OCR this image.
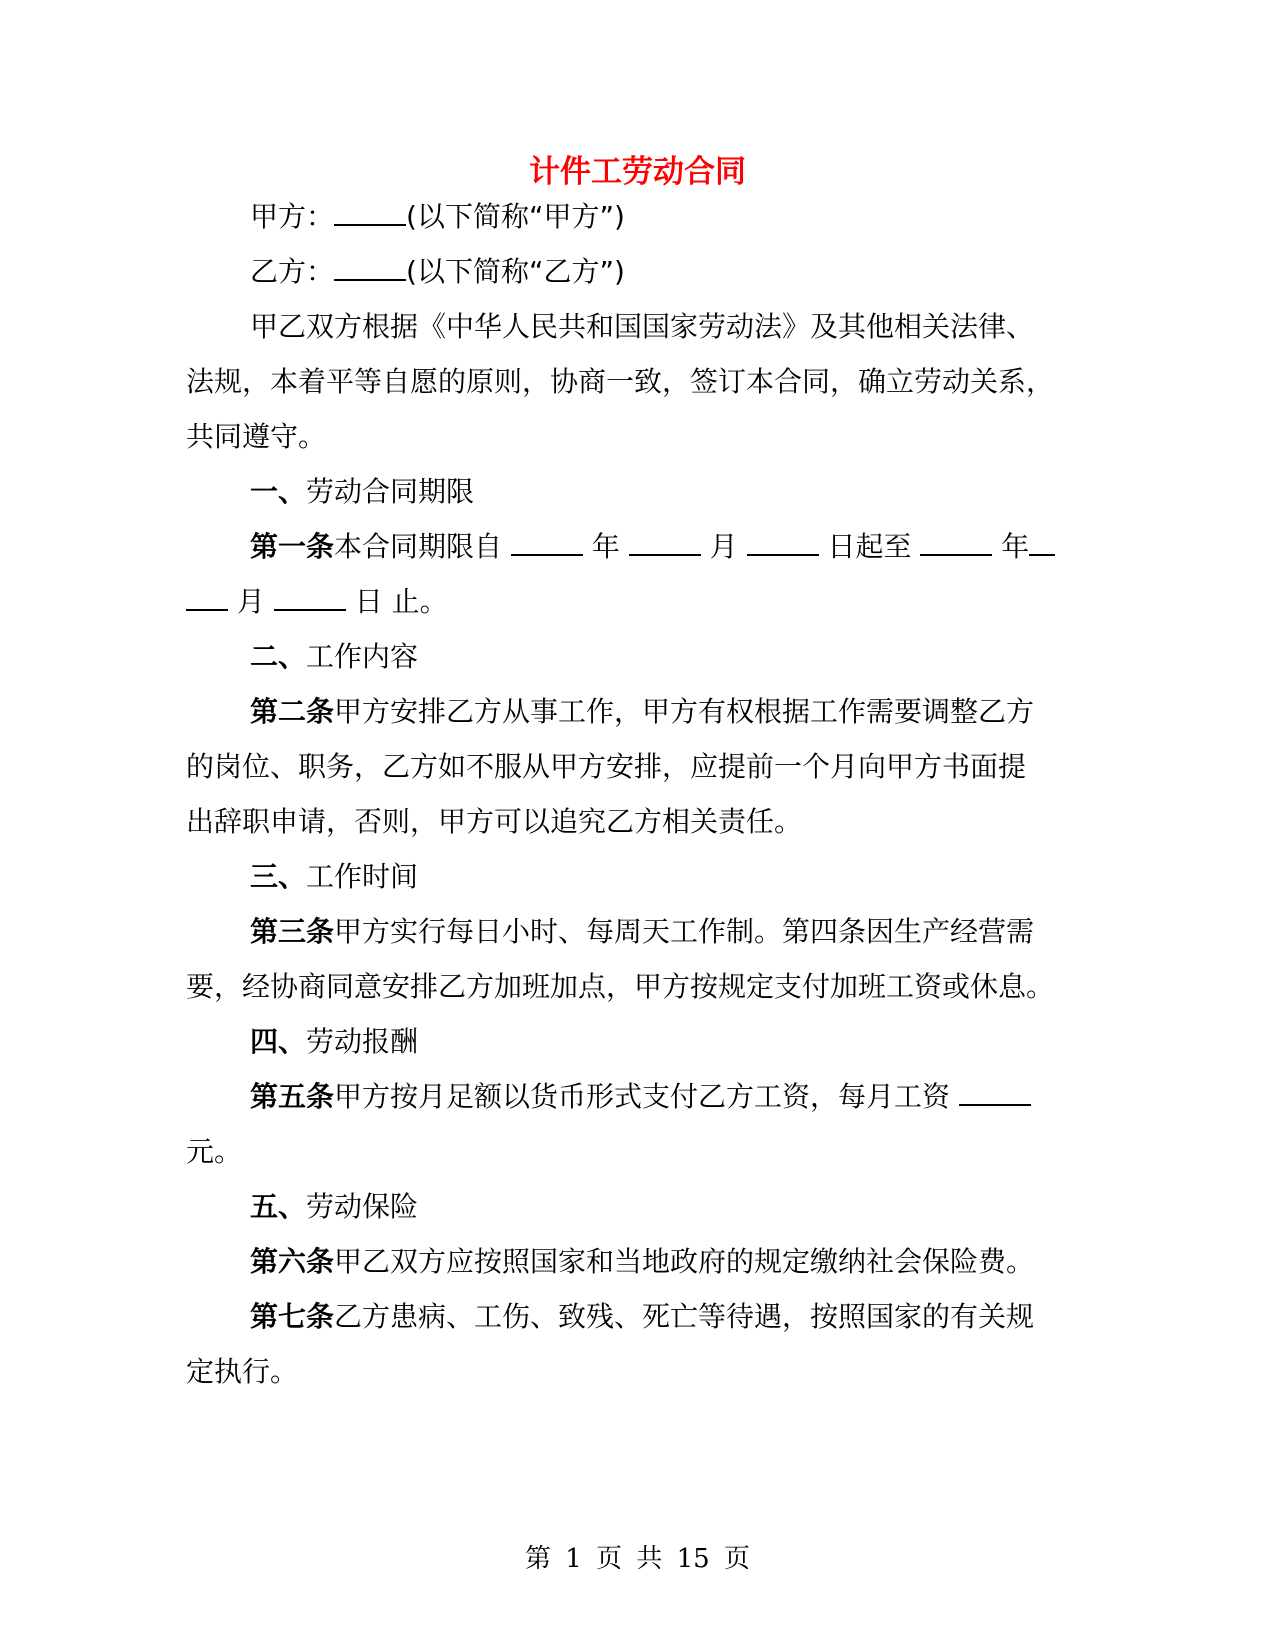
计件工劳动合同
甲方：	(以下简称“甲方”)
乙方：	(以下简称“乙方”)
甲乙双方根据《中华人民共和国国家劳动法》及其他相关法律、
法规，本着平等自愿的原则，协商一致，签订本合同，确立劳动关系，
共同遵守。
一、劳动合同期限
第一条本合同期限自	年	月	日起至	年
月	日 止。
二、工作内容
第二条甲方安排乙方从事工作，甲方有权根据工作需要调整乙方
的岗位、职务，乙方如不服从甲方安排，应提前一个月向甲方书面提
出辞职申请，否则，甲方可以追究乙方相关责任。
三、工作时间
第三条甲方实行每日小时、每周天工作制。第四条因生产经营需
要，经协商同意安排乙方加班加点，甲方按规定支付加班工资或休息。
四、劳动报酬
第五条甲方按月足额以货币形式支付乙方工资，每月工资
元。
五、劳动保险
第六条甲乙双方应按照国家和当地政府的规定缴纳社会保险费。
第七条乙方患病、工伤、致残、死亡等待遇，按照国家的有关规
定执行。
第 1 页 共 15 页
